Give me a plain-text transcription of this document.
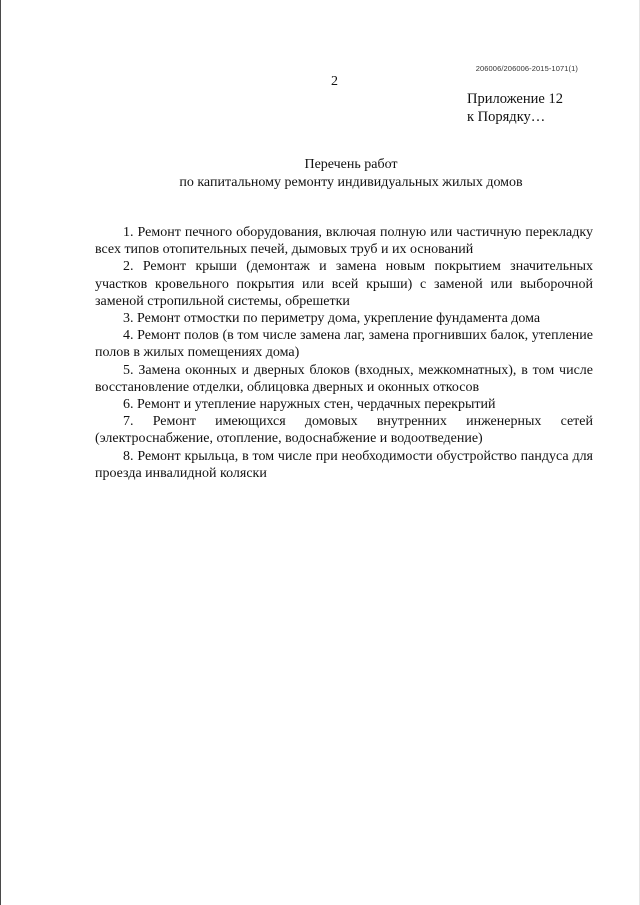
206006/206006-2015-1071(1)
2
Приложение 12
к Порядку…
Перечень работ
по капитальному ремонту индивидуальных жилых домов

1. Ремонт печного оборудования, включая полную или частичную перекладку всех типов отопительных печей, дымовых труб и их оснований

2. Ремонт крыши (демонтаж и замена новым покрытием значительных участков кровельного покрытия или всей крыши) с заменой или выборочной заменой стропильной системы, обрешетки

3. Ремонт отмостки по периметру дома, укрепление фундамента дома

4. Ремонт полов (в том числе замена лаг, замена прогнивших балок, утепление полов в жилых помещениях дома)

5. Замена оконных и дверных блоков (входных, межкомнатных), в том числе восстановление отделки, облицовка дверных и оконных откосов

6. Ремонт и утепление наружных стен, чердачных перекрытий

7. Ремонт имеющихся домовых внутренних инженерных сетей (электроснабжение, отопление, водоснабжение и водоотведение)

8. Ремонт крыльца, в том числе при необходимости обустройство пандуса для проезда инвалидной коляски
